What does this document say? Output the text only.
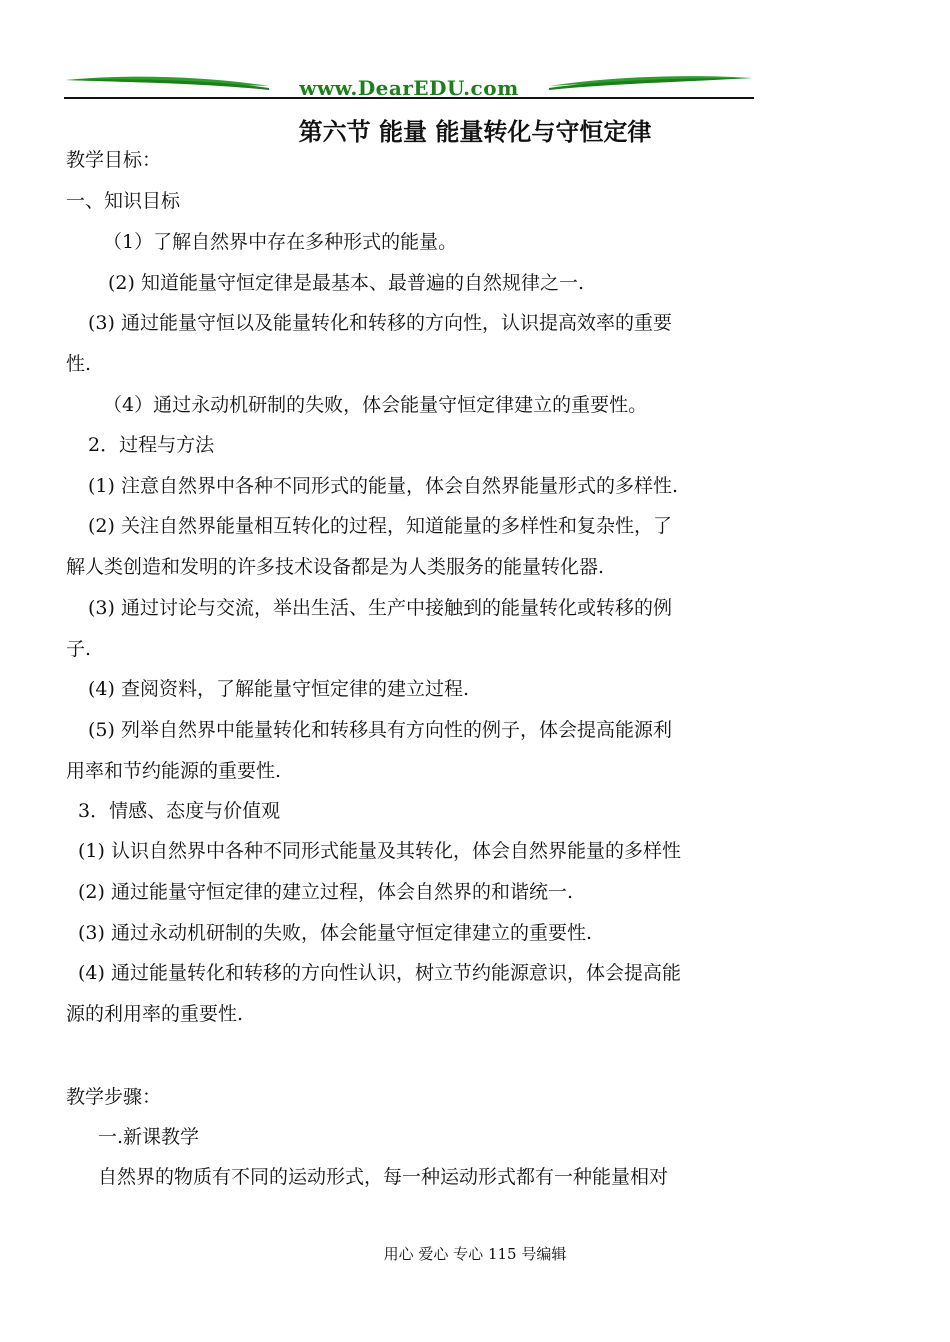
www.DearEDU.com
第六节 能量 能量转化与守恒定律
教学目标：
一、知识目标
（1）了解自然界中存在多种形式的能量。
(2) 知道能量守恒定律是最基本、最普遍的自然规律之一.
(3) 通过能量守恒以及能量转化和转移的方向性，认识提高效率的重要
性.
（4）通过永动机研制的失败，体会能量守恒定律建立的重要性。
2．过程与方法
(1) 注意自然界中各种不同形式的能量，体会自然界能量形式的多样性.
(2) 关注自然界能量相互转化的过程，知道能量的多样性和复杂性，了
解人类创造和发明的许多技术设备都是为人类服务的能量转化器.
(3) 通过讨论与交流，举出生活、生产中接触到的能量转化或转移的例
子.
(4) 查阅资料，了解能量守恒定律的建立过程.
(5) 列举自然界中能量转化和转移具有方向性的例子，体会提高能源利
用率和节约能源的重要性.
3．情感、态度与价值观
(1) 认识自然界中各种不同形式能量及其转化，体会自然界能量的多样性
(2) 通过能量守恒定律的建立过程，体会自然界的和谐统一.
(3) 通过永动机研制的失败，体会能量守恒定律建立的重要性.
(4) 通过能量转化和转移的方向性认识，树立节约能源意识，体会提高能
源的利用率的重要性.
教学步骤：
一.新课教学
自然界的物质有不同的运动形式，每一种运动形式都有一种能量相对
用心 爱心 专心 115 号编辑
